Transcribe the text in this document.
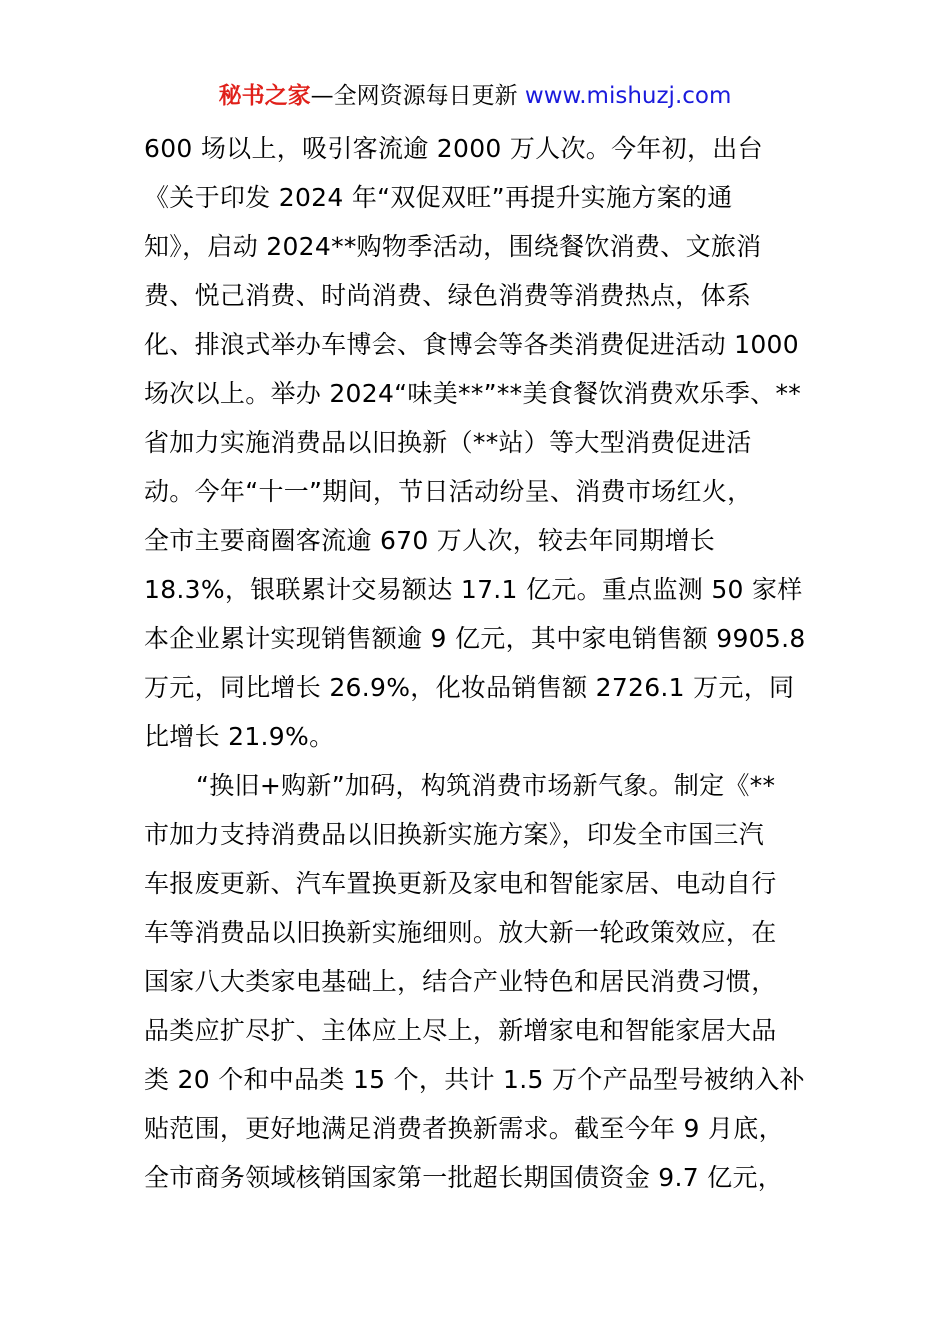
秘书之家—全网资源每日更新 www.mishuzj.com
600 场以上，吸引客流逾 2000 万人次。今年初，出台
《关于印发 2024 年“双促双旺”再提升实施方案的通
知》，启动 2024**购物季活动，围绕餐饮消费、文旅消
费、悦己消费、时尚消费、绿色消费等消费热点，体系
化、排浪式举办车博会、食博会等各类消费促进活动 1000
场次以上。举办 2024“味美**”**美食餐饮消费欢乐季、**
省加力实施消费品以旧换新（**站）等大型消费促进活
动。今年“十一”期间，节日活动纷呈、消费市场红火，
全市主要商圈客流逾 670 万人次，较去年同期增长
18.3%，银联累计交易额达 17.1 亿元。重点监测 50 家样
本企业累计实现销售额逾 9 亿元，其中家电销售额 9905.8
万元，同比增长 26.9%，化妆品销售额 2726.1 万元，同
比增长 21.9%。
“换旧+购新”加码，构筑消费市场新气象。制定《**
市加力支持消费品以旧换新实施方案》，印发全市国三汽
车报废更新、汽车置换更新及家电和智能家居、电动自行
车等消费品以旧换新实施细则。放大新一轮政策效应，在
国家八大类家电基础上，结合产业特色和居民消费习惯，
品类应扩尽扩、主体应上尽上，新增家电和智能家居大品
类 20 个和中品类 15 个，共计 1.5 万个产品型号被纳入补
贴范围，更好地满足消费者换新需求。截至今年 9 月底，
全市商务领域核销国家第一批超长期国债资金 9.7 亿元，
